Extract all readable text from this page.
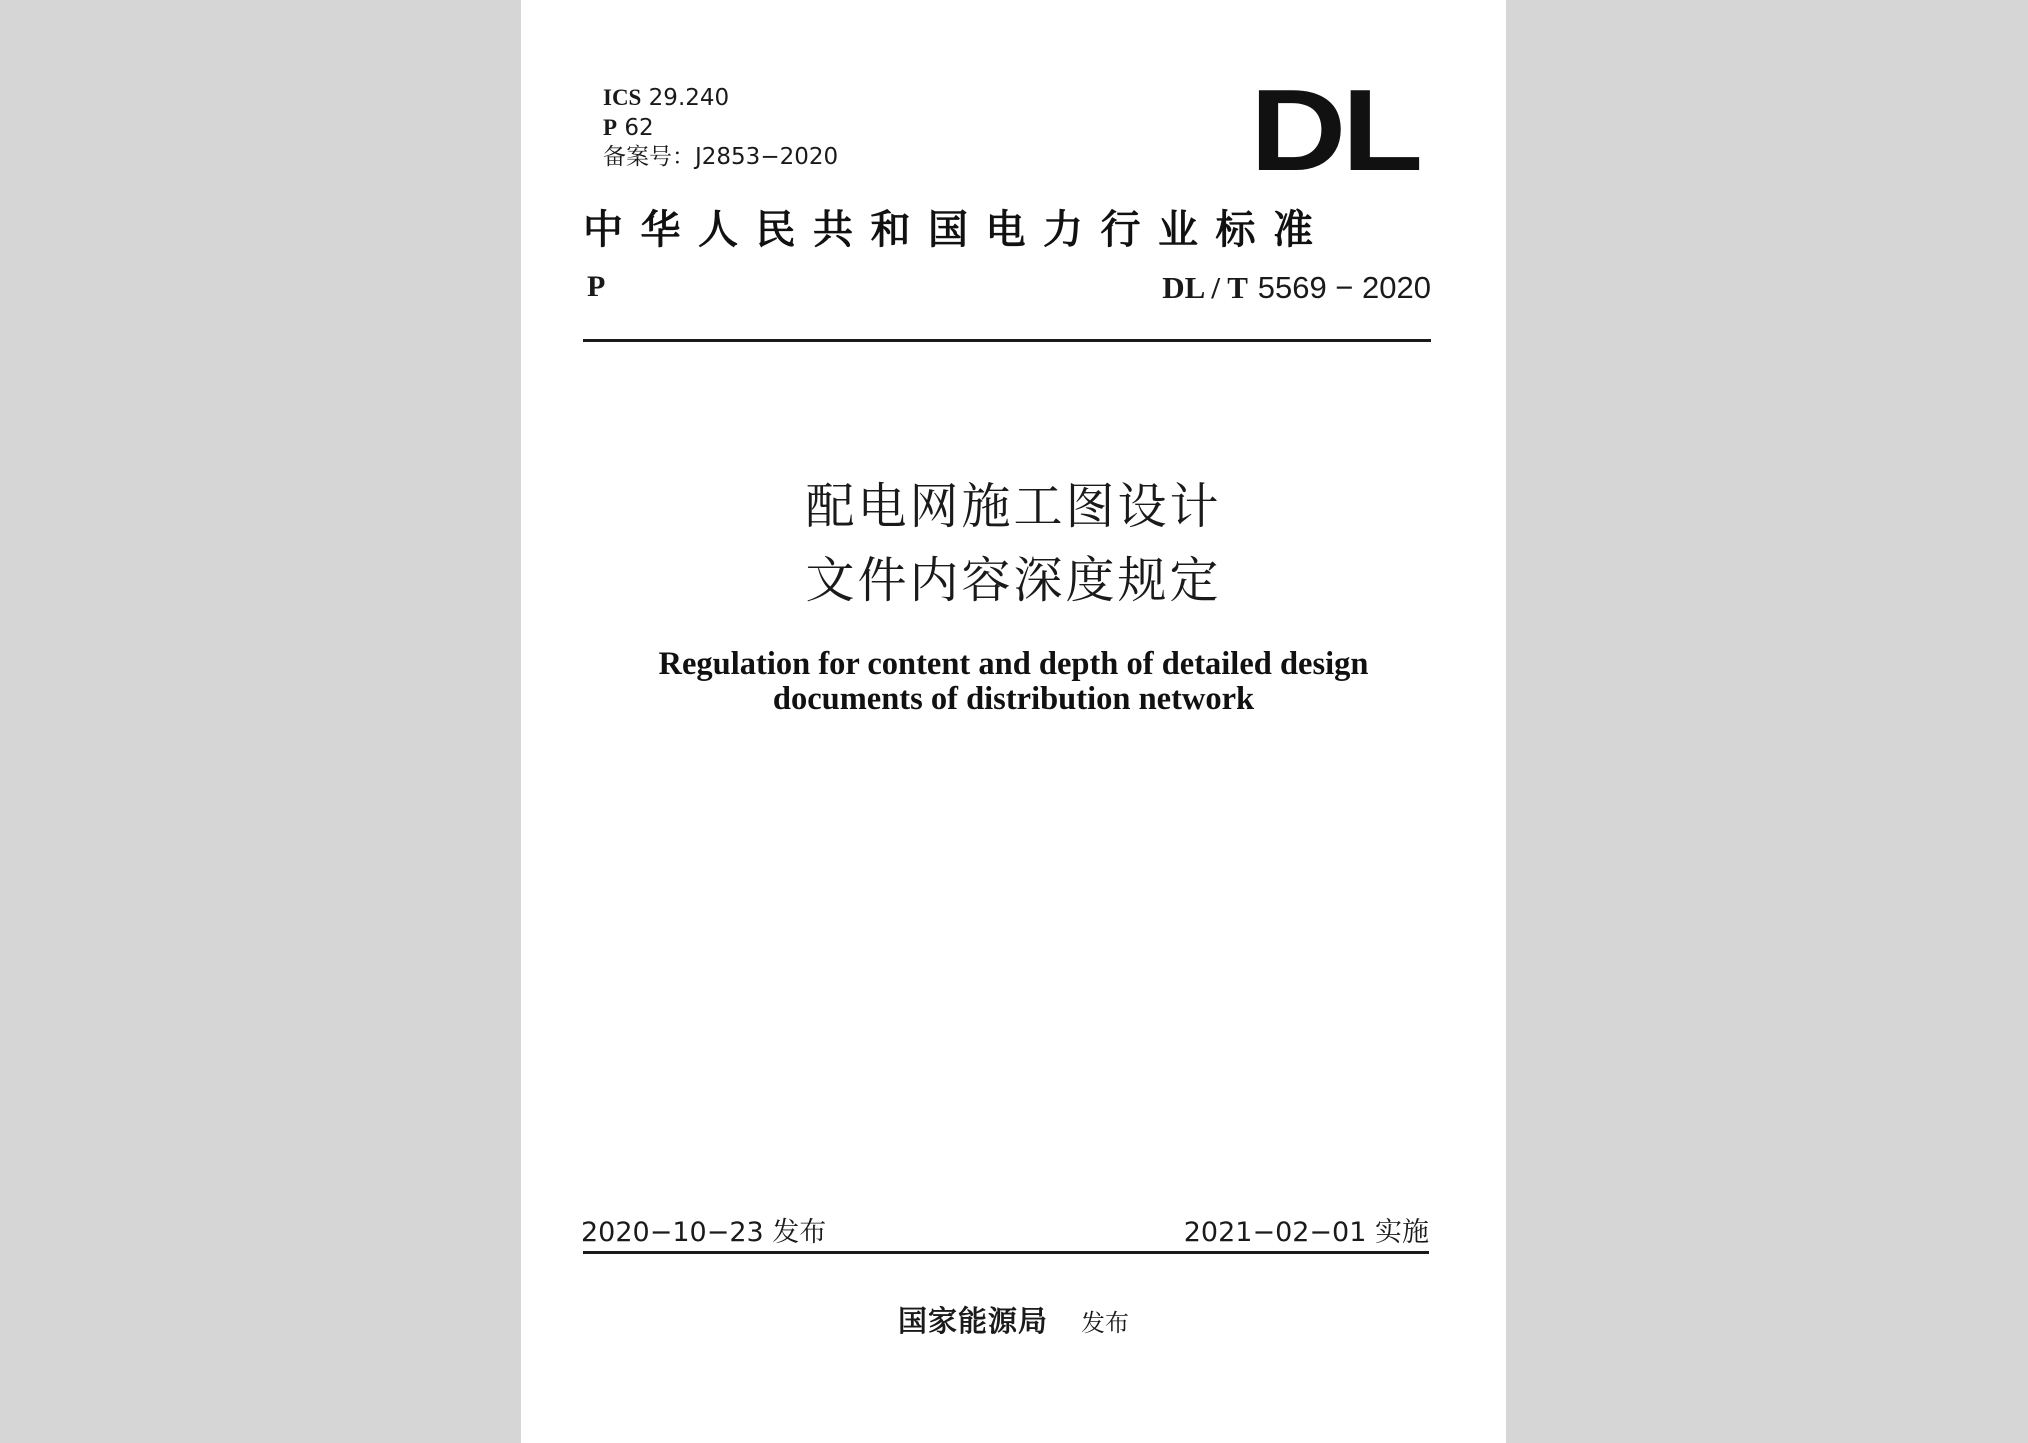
ICS 29.240
P 62
备案号：J2853−2020	DL
中华人民共和国电力行业标准
P	DL / T 5569 − 2020
配电网施工图设计
文件内容深度规定
Regulation for content and depth of detailed design
documents of distribution network
2020−10−23 发布	2021−02−01 实施
国家能源局 发布
